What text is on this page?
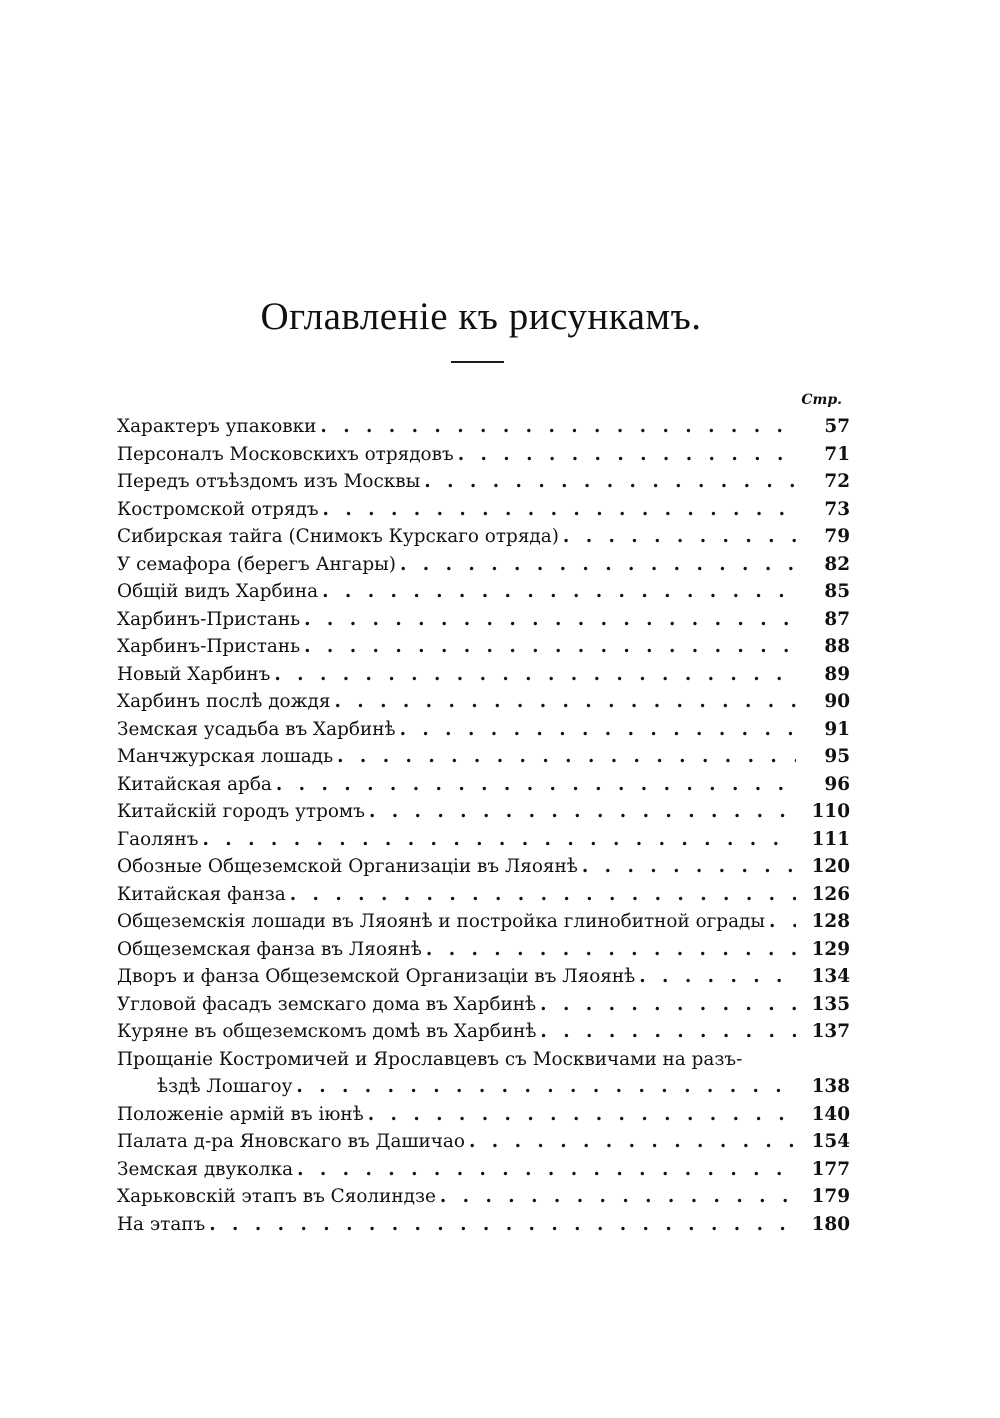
Оглавленіе къ рисункамъ.
Стр.
Характеръ упаковки . . .	57
Персоналъ Московскихъ отрядовъ . . .	71
Передъ отъѣздомъ изъ Москвы . . .	72
Костромской отрядъ . . .	73
Сибирская тайга (Снимокъ Курскаго отряда) . . .	79
У семафора (берегъ Ангары) . . .	82
Общій видъ Харбина . . .	85
Харбинъ-Пристань . . .	87
Харбинъ-Пристань . . .	88
Новый Харбинъ . . .	89
Харбинъ послѣ дождя . . .	90
Земская усадьба въ Харбинѣ . . .	91
Манчжурская лошадь . . .	95
Китайская арба . . .	96
Китайскій городъ утромъ . . .	110
Гаолянъ . . .	111
Обозные Общеземской Организаціи въ Ляоянѣ . . .	120
Китайская фанза . . .	126
Общеземскія лошади въ Ляоянѣ и постройка глинобитной ограды . . .	128
Общеземская фанза въ Ляоянѣ . . .	129
Дворъ и фанза Общеземской Организаціи въ Ляоянѣ . . .	134
Угловой фасадъ земскаго дома въ Харбинѣ . . .	135
Куряне въ общеземскомъ домѣ въ Харбинѣ . . .	137
Прощаніе Костромичей и Ярославцевъ съ Москвичами на разъ-
ѣздѣ Лошагоу . . .	138
Положеніе армій въ іюнѣ . . .	140
Палата д-ра Яновскаго въ Дашичао . . .	154
Земская двуколка . . .	177
Харьковскій этапъ въ Сяолиндзе . . .	179
На этапъ . . .	180
